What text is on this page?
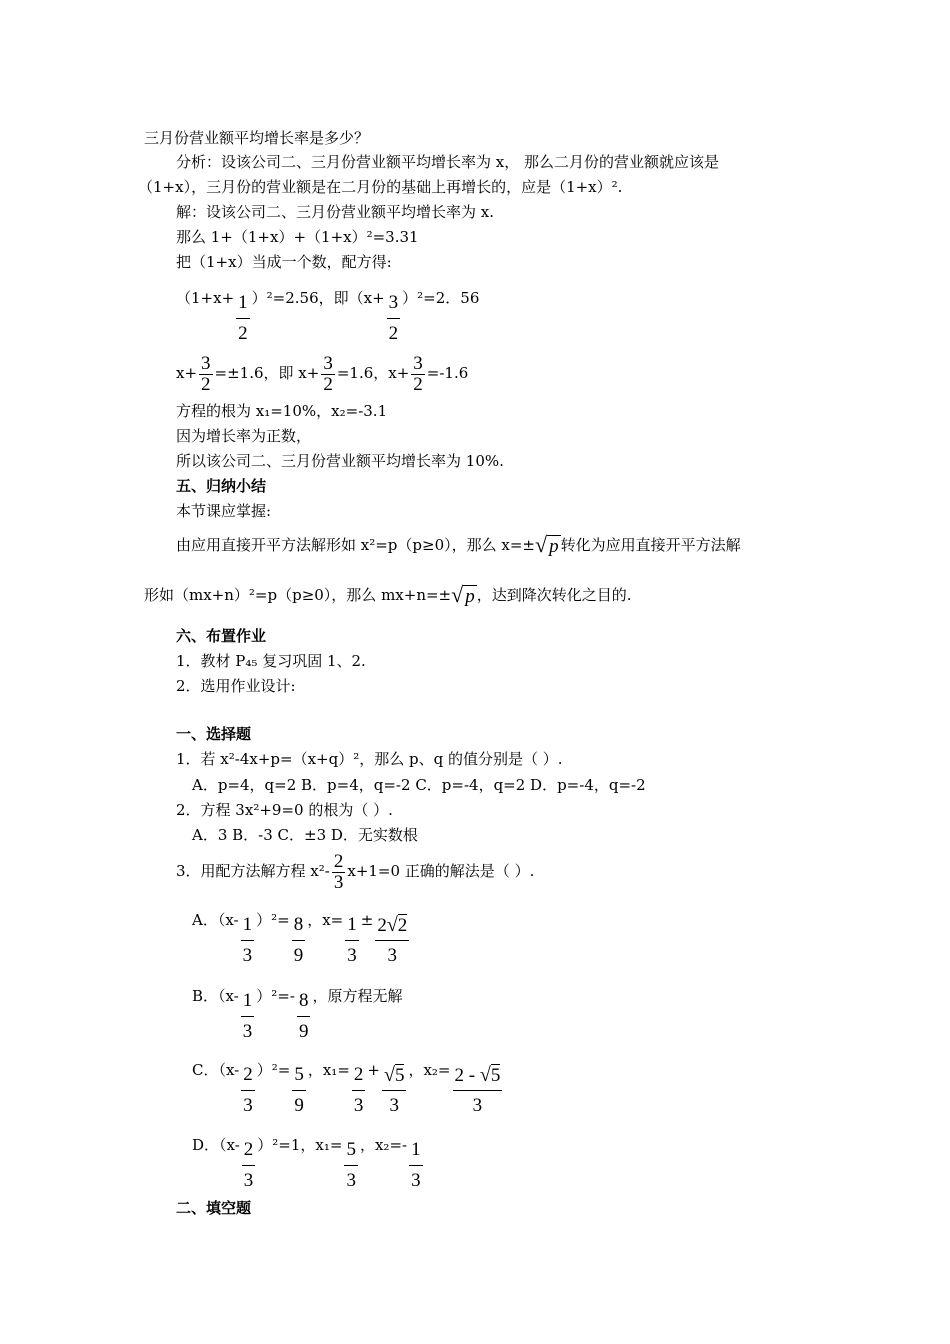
三月份营业额平均增长率是多少？
分析：设该公司二、三月份营业额平均增长率为 x， 那么二月份的营业额就应该是
（1+x），三月份的营业额是在二月份的基础上再增长的，应是（1+x）².
解：设该公司二、三月份营业额平均增长率为 x.
那么 1+（1+x）+（1+x）²=3.31
把（1+x）当成一个数，配方得:
$(1+x+ \frac{1}{2} )^2=2.56$，即$(x+ \frac{3}{2} )^2=2$．56
$x+ \frac{3}{2} =\pm 1.6$，即 $x+ \frac{3}{2} =1.6$，$x+ \frac{3}{2} =-1.6$
方程的根为 x₁=10%，x₂=-3.1
因为增长率为正数，
所以该公司二、三月份营业额平均增长率为 10%.
五、归纳小结
本节课应掌握:
由应用直接开平方法解形如 x²=p（p≥0），那么 x=±√ p 转化为应用直接开平方法解
形如（mx+n）²=p（p≥0），那么 mx+n=±√ p ，达到降次转化之目的.
六、布置作业
1．教材 P₄₅ 复习巩固 1、2.
2．选用作业设计:
一、选择题
1．若 x²-4x+p=（x+q）²，那么 p、q 的值分别是（ ）.
A．p=4，q=2 B．p=4，q=-2 C．p=-4，q=2 D．p=-4，q=-2
2．方程 3x²+9=0 的根为（ ）.
A．3 B．-3 C．±3 D．无实数根
3．用配方法解方程 $x^2- \frac{2}{3} x+1=0$ 正确的解法是（ ）.
A．$(x- \frac{1}{3} )^2= \frac{8}{9}$ ，$x= \frac{1}{3} \pm \frac{2√2}{3}$
B．$(x- \frac{1}{3} )^2=- \frac{8}{9}$ ，原方程无解
C．$(x- \frac{2}{3} )^2= \frac{5}{9}$ ，$x_1= \frac{2}{3} + \frac{√5}{3}$ ，$x_2= \frac{2 - √5}{3}$
D．$(x- \frac{2}{3} )^2=1$，$x_1= \frac{5}{3}$ ，$x_2=- \frac{1}{3}$
二、填空题
